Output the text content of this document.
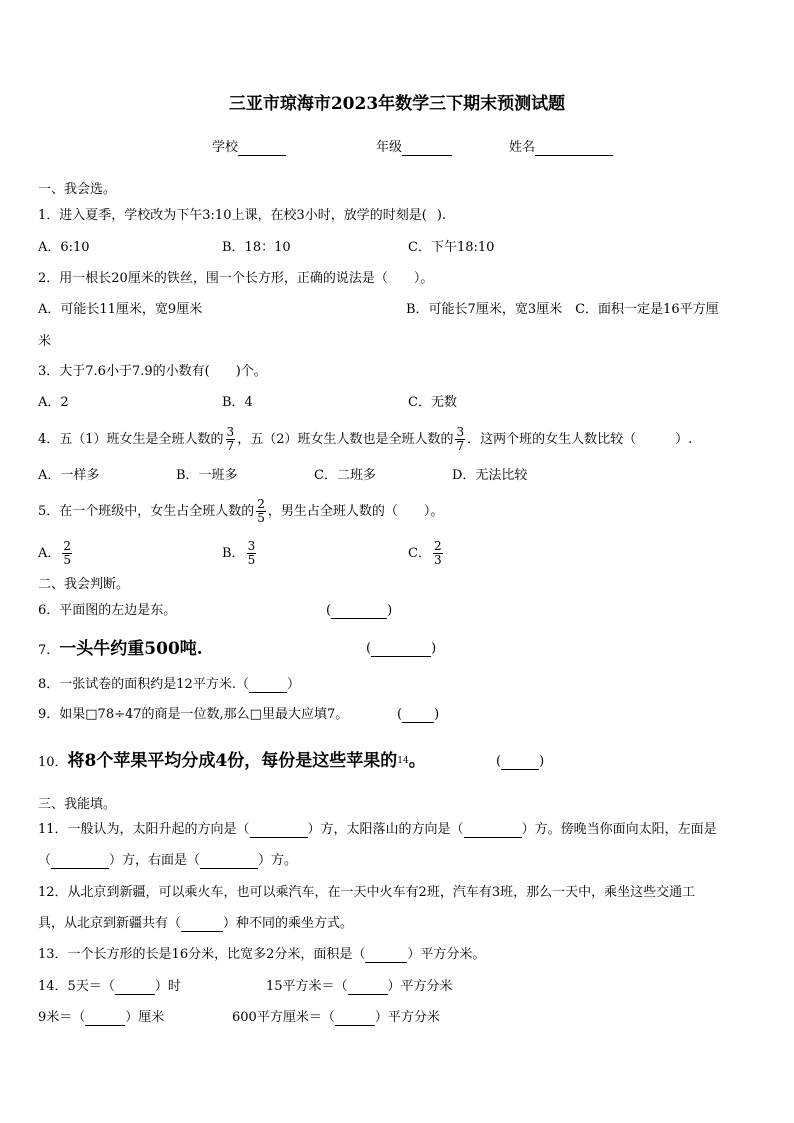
三亚市琼海市2023年数学三下期末预测试题
学校	年级	姓名
一、我会选。
1．进入夏季，学校改为下午3:10上课，在校3小时，放学的时刻是( ).
A．6:10	B．18：10	C．下午18:10
2．用一根长20厘米的铁丝，围一个长方形，正确的说法是（　　）。
A．可能长11厘米，宽9厘米	B．可能长7厘米，宽3厘米　C．面积一定是16平方厘
米
3．大于7.6小于7.9的小数有(　　)个。
A．2	B．4	C．无数
4．五（1）班女生是全班人数的 $\frac{3}{7}$ ，五（2）班女生人数也是全班人数的 $\frac{3}{7}$ ．这两个班的女生人数比较（　　　）.
A．一样多	B．一班多	C．二班多	D．无法比较
5．在一个班级中，女生占全班人数的 $\frac{2}{5}$ ，男生占全班人数的（　　）。
A． $\frac{2}{5}$	B． $\frac{3}{5}$	C． $\frac{2}{3}$
二、我会判断。
6．平面图的左边是东。	(	)
7．一头牛约重500吨.	(	)
8．一张试卷的面积约是12平方米.（	）
9．如果□78÷47的商是一位数,那么□里最大应填7。	( )
10．将8个苹果平均分成4份，每份是这些苹果的$^1$4。	(	)
三、我能填。
11．一般认为，太阳升起的方向是（	）方，太阳落山的方向是（	）方。傍晚当你面向太阳，左面是
（	）方，右面是（	）方。
12．从北京到新疆，可以乘火车，也可以乘汽车，在一天中火车有2班，汽车有3班，那么一天中，乘坐这些交通工
具，从北京到新疆共有（	）种不同的乘坐方式。
13．一个长方形的长是16分米，比宽多2分米，面积是（	）平方分米。
14．5天＝（	）时	15平方米＝（	）平方分米
9米＝（	）厘米	600平方厘米＝（	）平方分米
